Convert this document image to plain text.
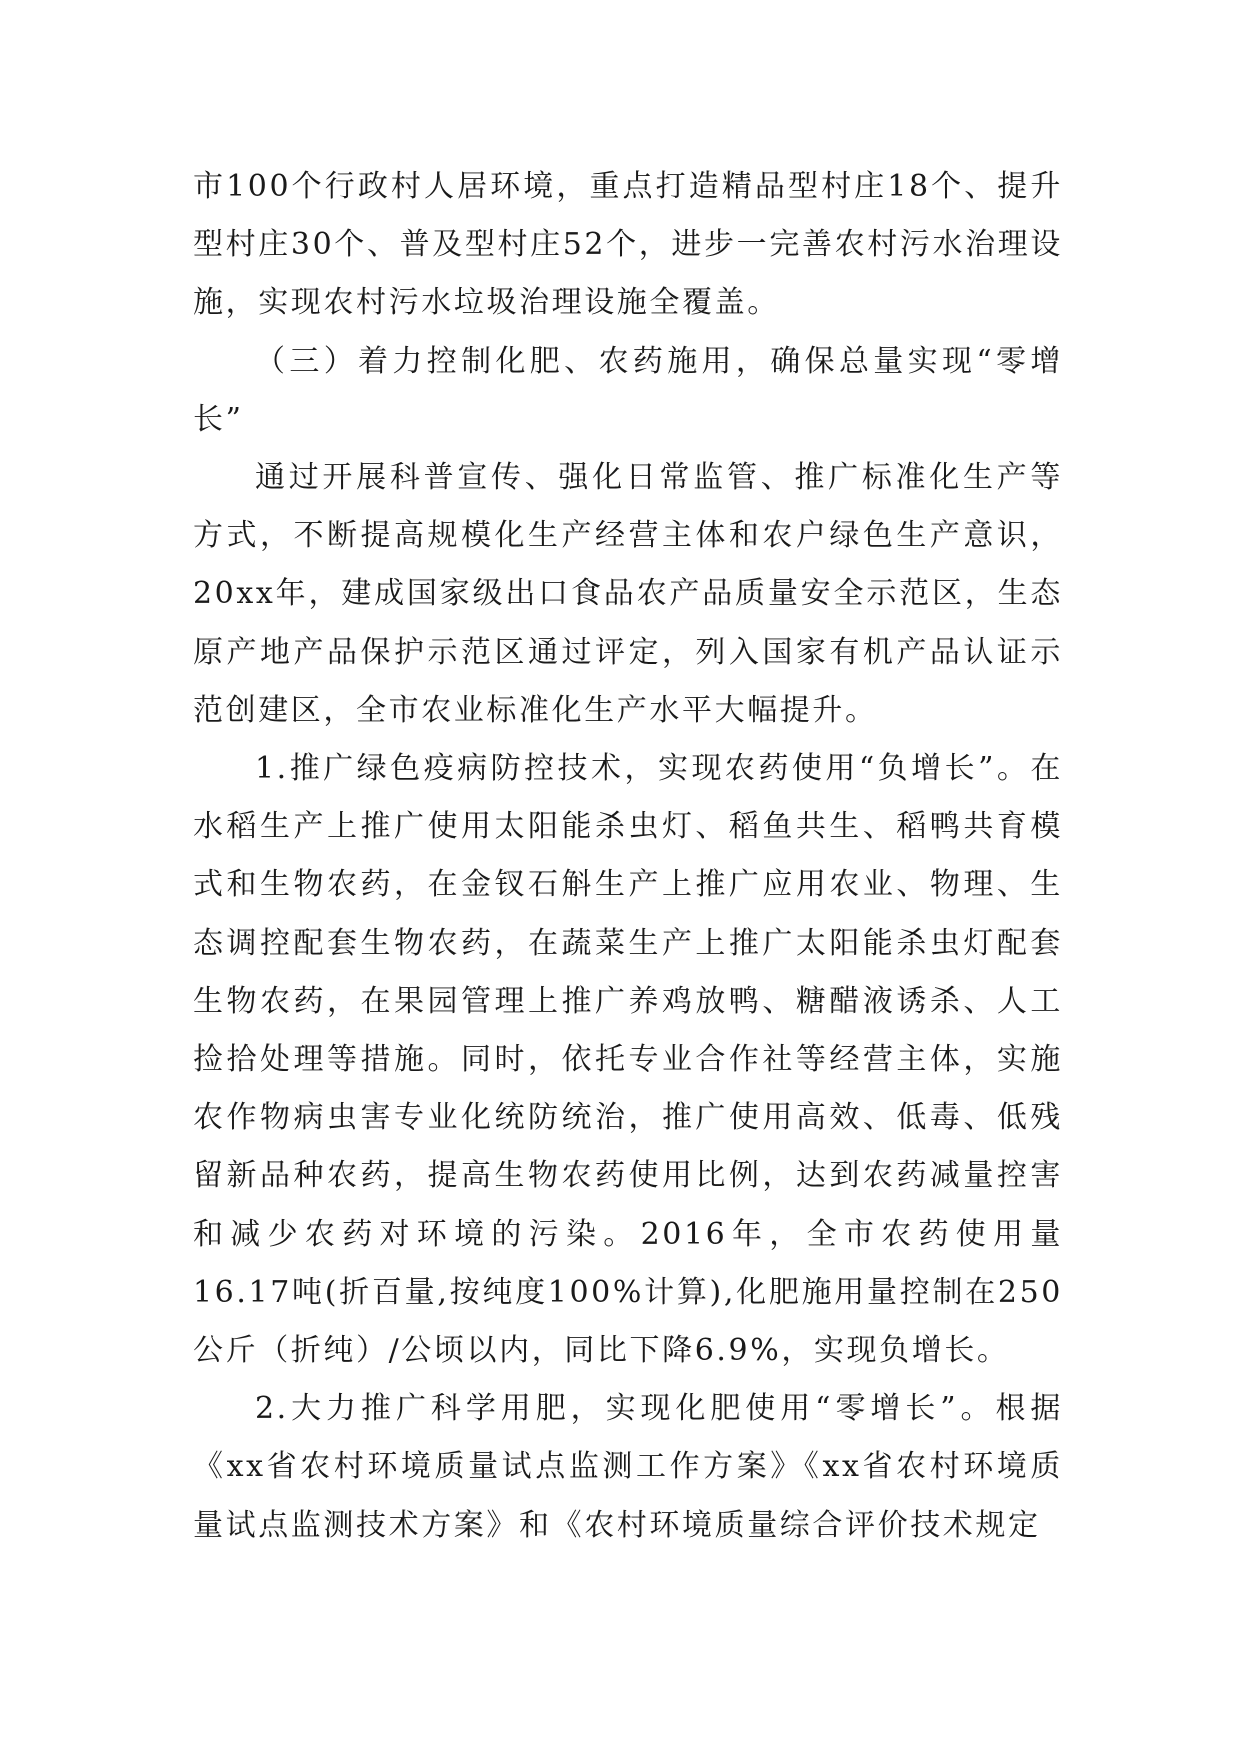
市100个行政村人居环境，重点打造精品型村庄18个、提升型村庄30个、普及型村庄52个，进步一完善农村污水治理设施，实现农村污水垃圾治理设施全覆盖。

（三）着力控制化肥、农药施用，确保总量实现“零增长”

通过开展科普宣传、强化日常监管、推广标准化生产等方式，不断提高规模化生产经营主体和农户绿色生产意识，20xx年，建成国家级出口食品农产品质量安全示范区，生态原产地产品保护示范区通过评定，列入国家有机产品认证示范创建区，全市农业标准化生产水平大幅提升。

1.推广绿色疫病防控技术，实现农药使用“负增长”。在水稻生产上推广使用太阳能杀虫灯、稻鱼共生、稻鸭共育模式和生物农药，在金钗石斛生产上推广应用农业、物理、生态调控配套生物农药，在蔬菜生产上推广太阳能杀虫灯配套生物农药，在果园管理上推广养鸡放鸭、糖醋液诱杀、人工捡拾处理等措施。同时，依托专业合作社等经营主体，实施农作物病虫害专业化统防统治，推广使用高效、低毒、低残留新品种农药，提高生物农药使用比例，达到农药减量控害和减少农药对环境的污染。2016年，全市农药使用量16.17吨(折百量,按纯度100%计算),化肥施用量控制在250公斤（折纯）/公顷以内，同比下降6.9%，实现负增长。

2.大力推广科学用肥，实现化肥使用“零增长”。根据《xx省农村环境质量试点监测工作方案》《xx省农村环境质量试点监测技术方案》和《农村环境质量综合评价技术规定
